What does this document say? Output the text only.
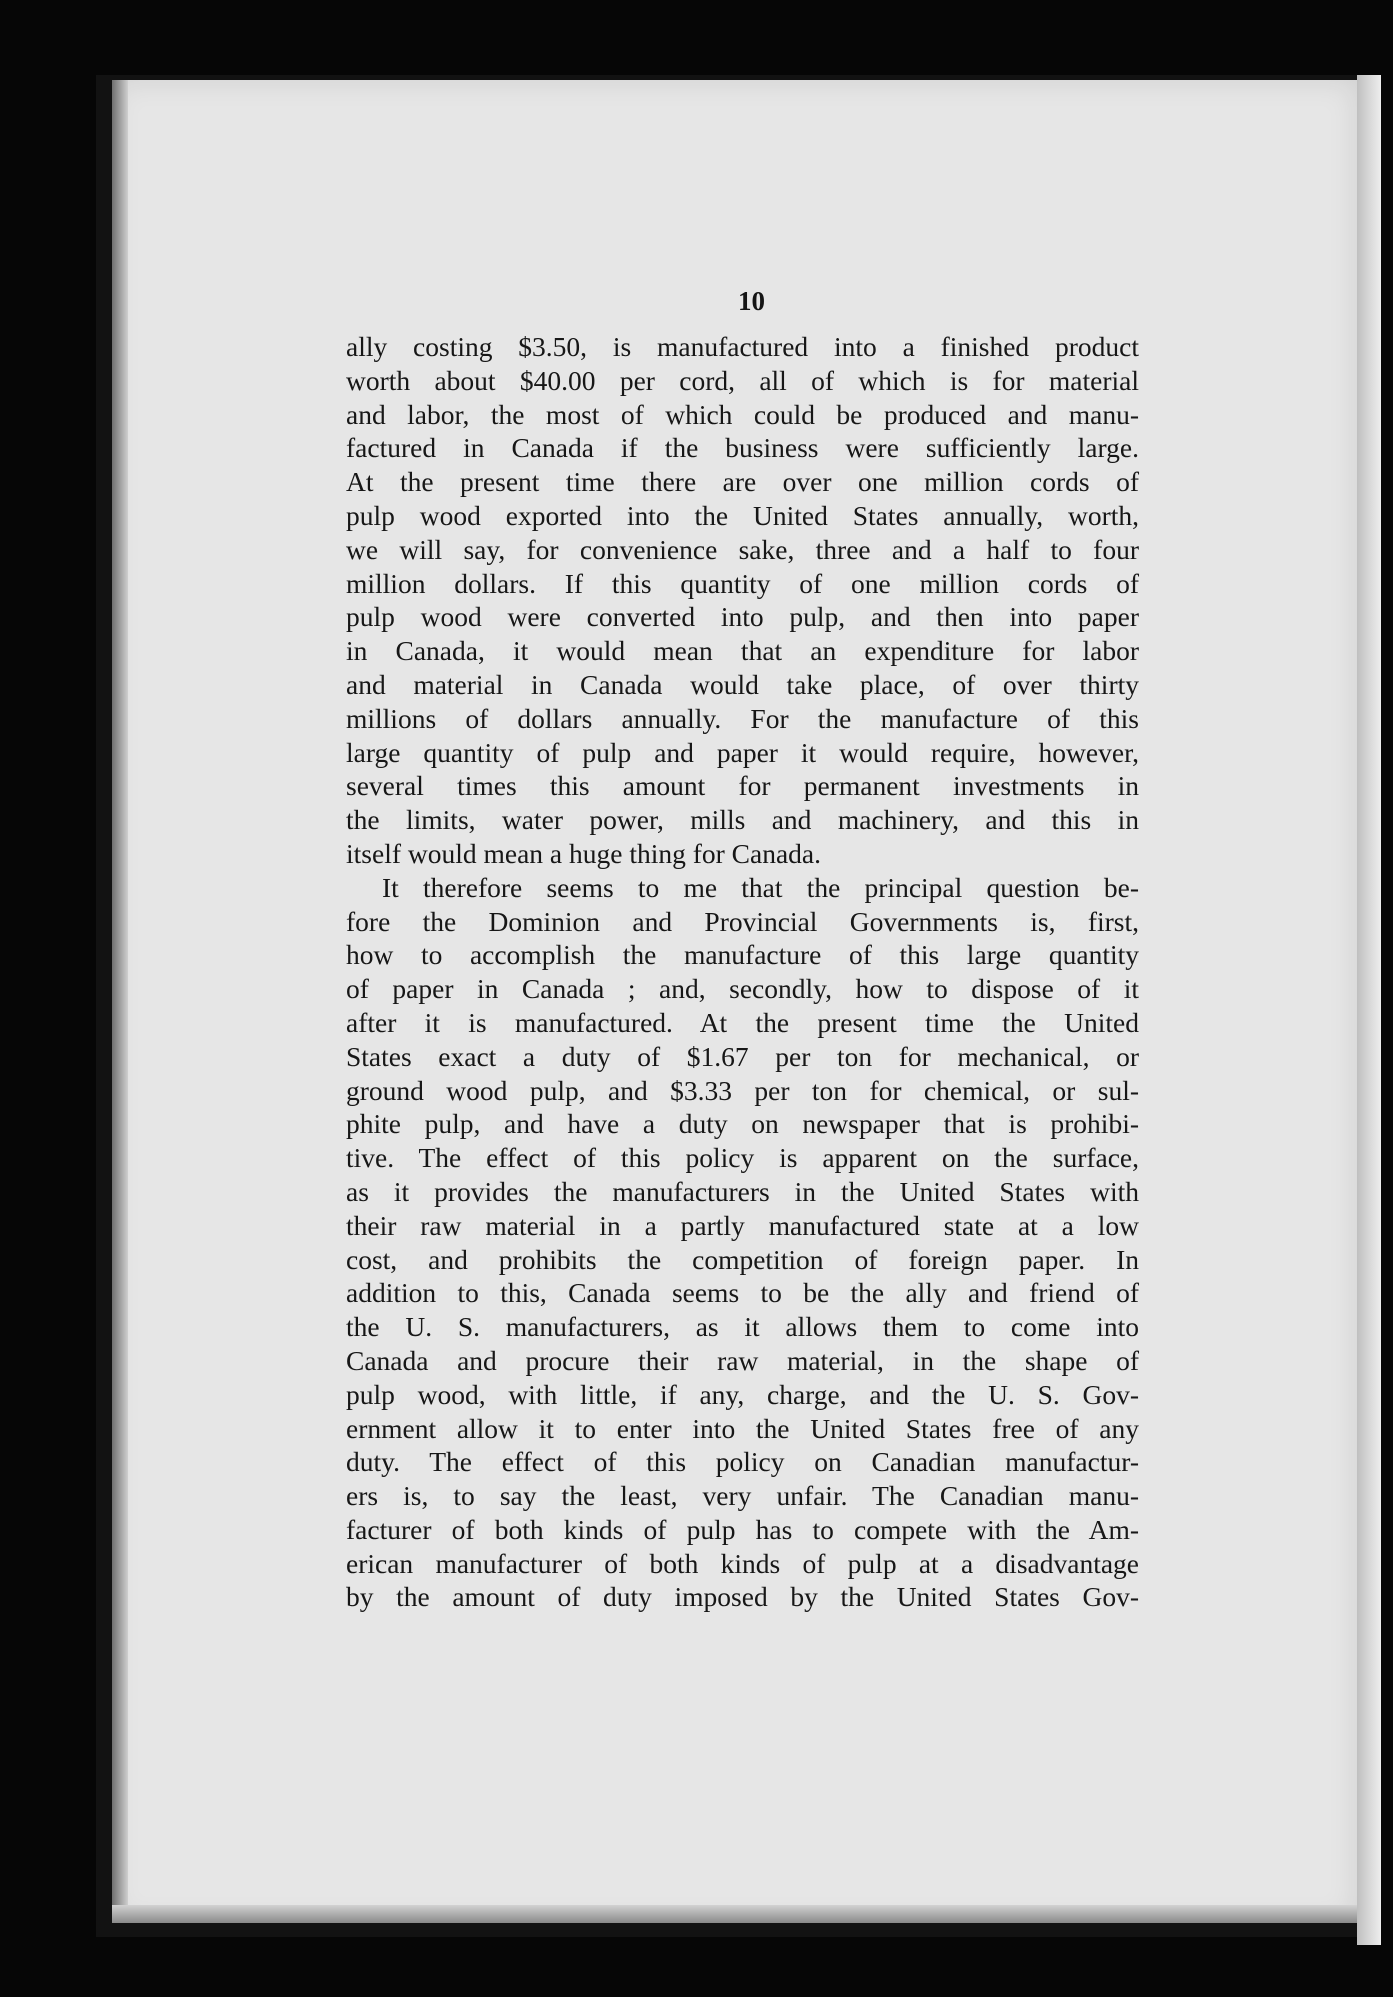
10
ally costing $3.50, is manufactured into a finished product
worth about $40.00 per cord, all of which is for material
and labor, the most of which could be produced and manu-
factured in Canada if the business were sufficiently large.
At the present time there are over one million cords of
pulp wood exported into the United States annually, worth,
we will say, for convenience sake, three and a half to four
million dollars. If this quantity of one million cords of
pulp wood were converted into pulp, and then into paper
in Canada, it would mean that an expenditure for labor
and material in Canada would take place, of over thirty
millions of dollars annually. For the manufacture of this
large quantity of pulp and paper it would require, however,
several times this amount for permanent investments in
the limits, water power, mills and machinery, and this in
itself would mean a huge thing for Canada.
It therefore seems to me that the principal question be-
fore the Dominion and Provincial Governments is, first,
how to accomplish the manufacture of this large quantity
of paper in Canada ; and, secondly, how to dispose of it
after it is manufactured. At the present time the United
States exact a duty of $1.67 per ton for mechanical, or
ground wood pulp, and $3.33 per ton for chemical, or sul-
phite pulp, and have a duty on newspaper that is prohibi-
tive. The effect of this policy is apparent on the surface,
as it provides the manufacturers in the United States with
their raw material in a partly manufactured state at a low
cost, and prohibits the competition of foreign paper. In
addition to this, Canada seems to be the ally and friend of
the U. S. manufacturers, as it allows them to come into
Canada and procure their raw material, in the shape of
pulp wood, with little, if any, charge, and the U. S. Gov-
ernment allow it to enter into the United States free of any
duty. The effect of this policy on Canadian manufactur-
ers is, to say the least, very unfair. The Canadian manu-
facturer of both kinds of pulp has to compete with the Am-
erican manufacturer of both kinds of pulp at a disadvantage
by the amount of duty imposed by the United States Gov-
